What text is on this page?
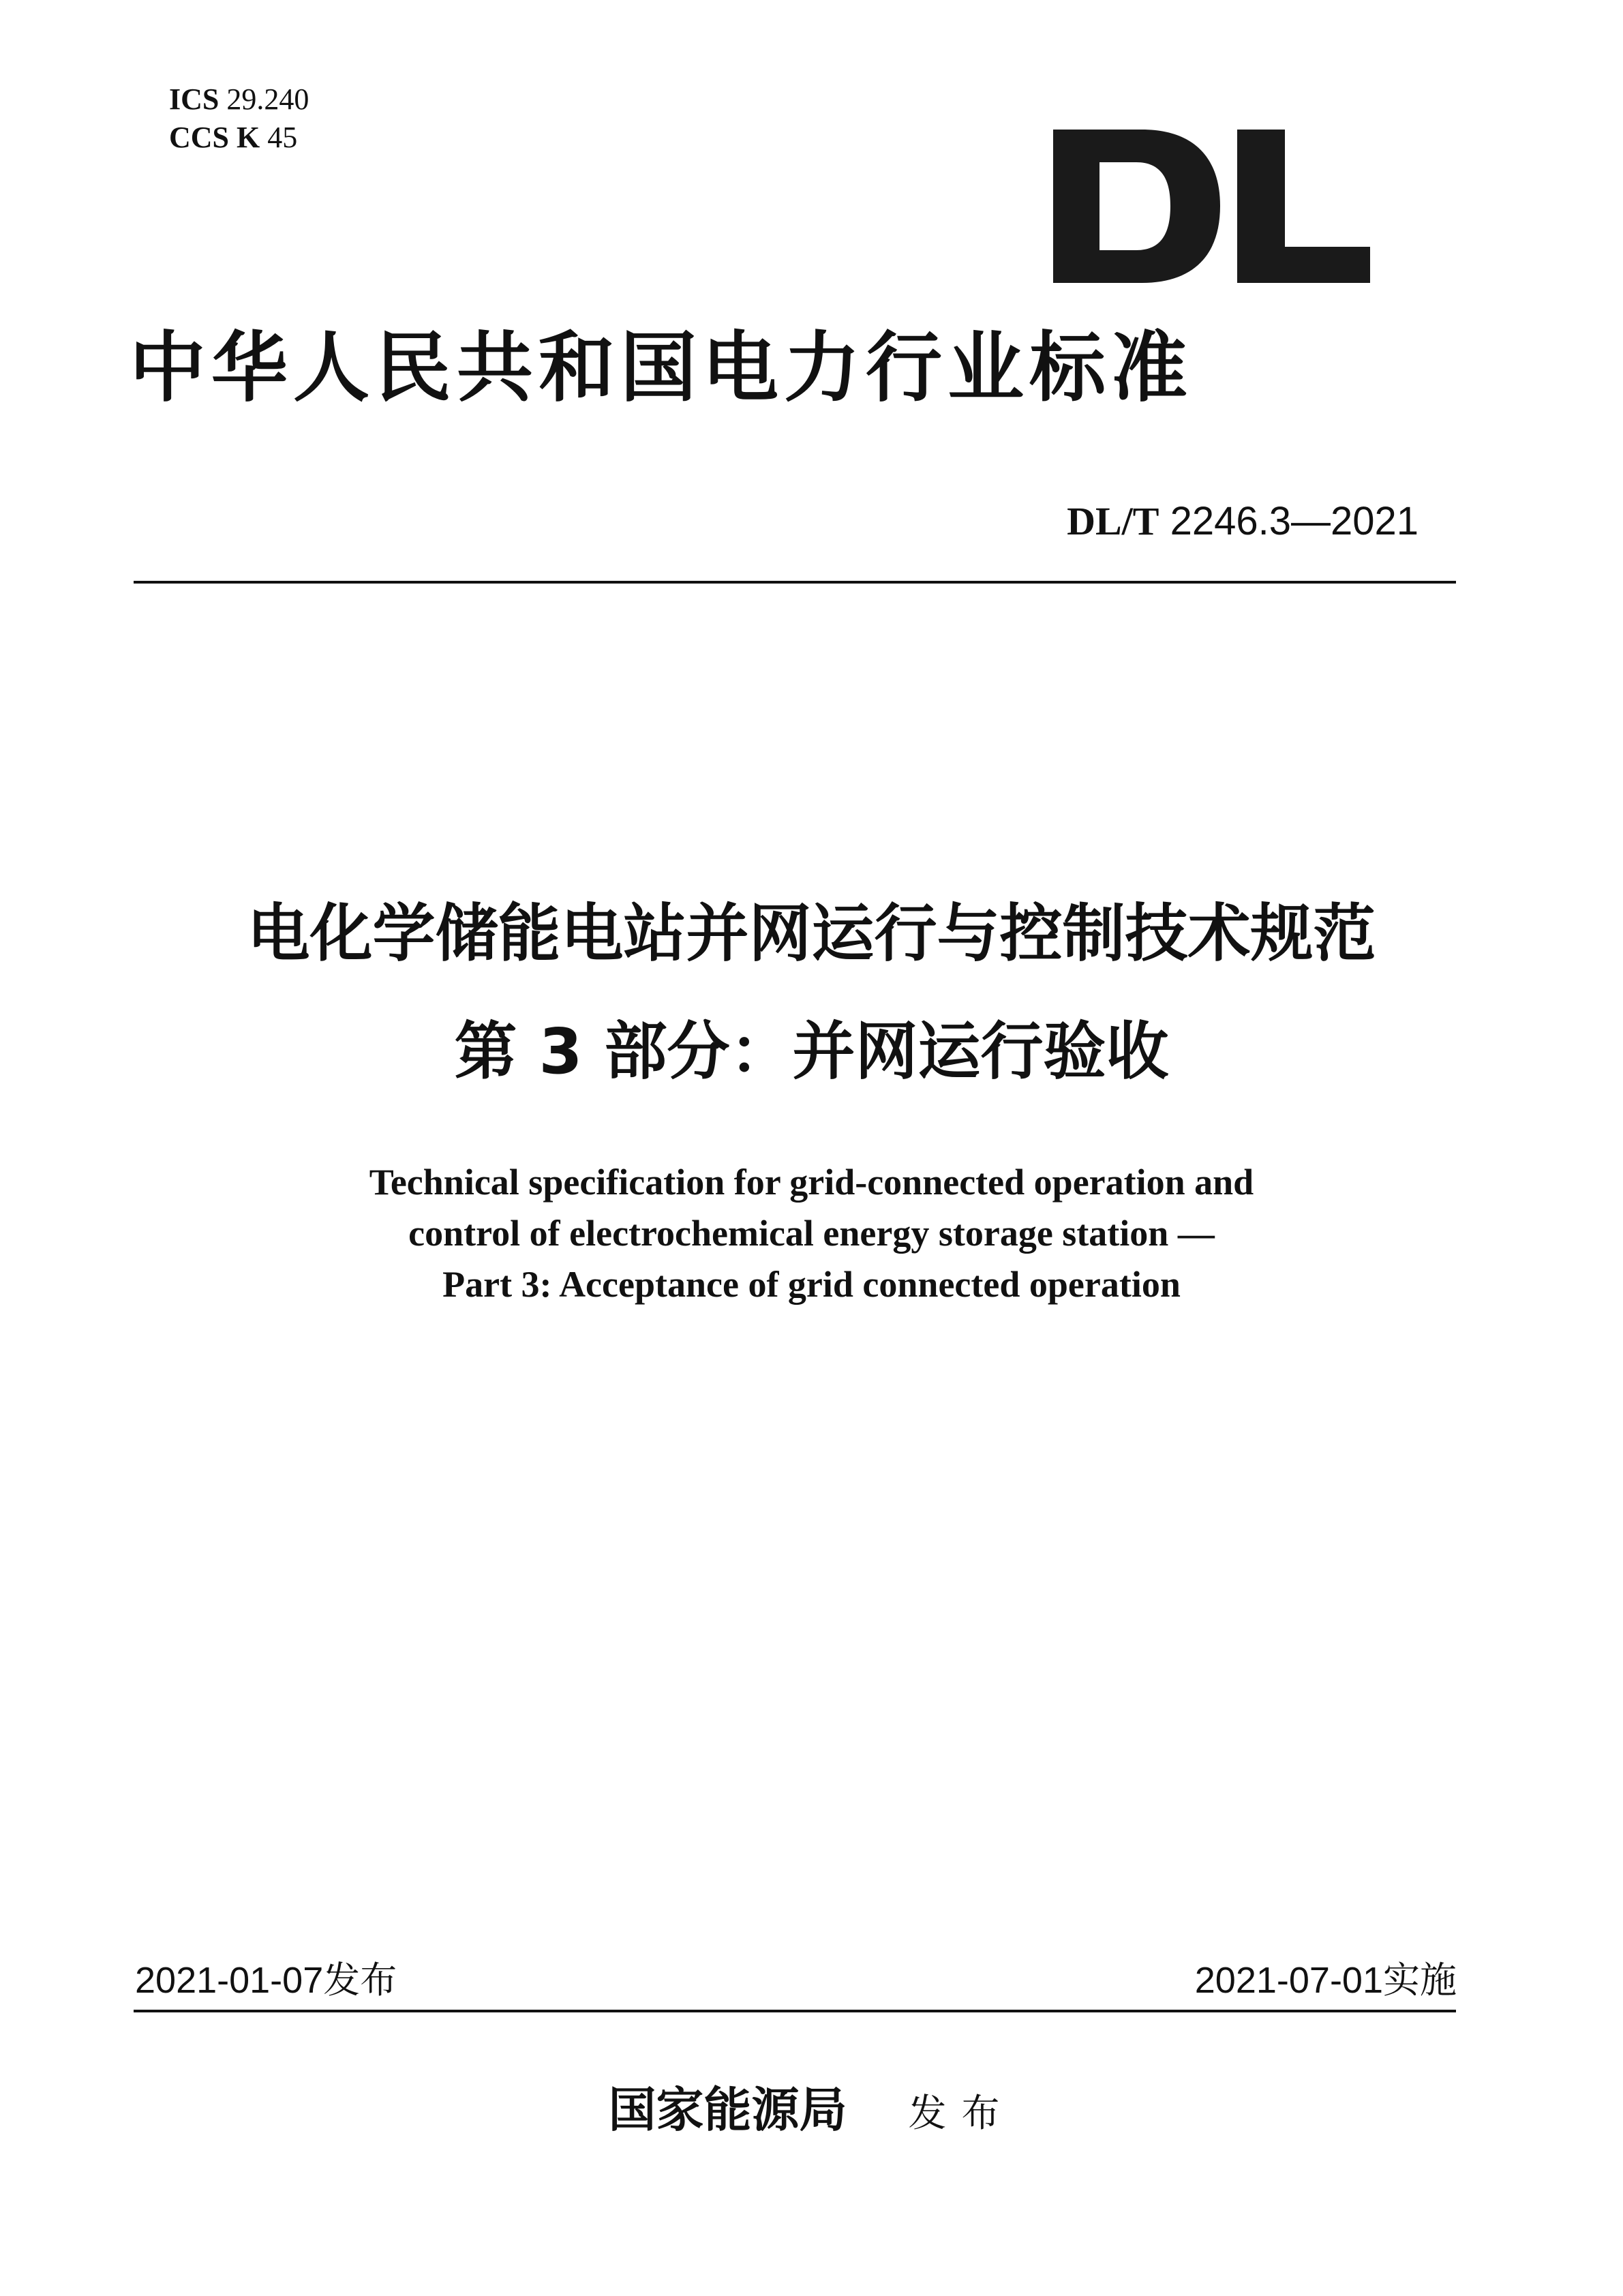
ICS 29.240
CCS K 45
中华人民共和国电力行业标准
DL/T 2246.3—2021
电化学储能电站并网运行与控制技术规范
第 3 部分：并网运行验收
Technical specification for grid-connected operation and
control of electrochemical energy storage station —
Part 3: Acceptance of grid connected operation
2021-01-07发布	2021-07-01实施
国家能源局 发布
